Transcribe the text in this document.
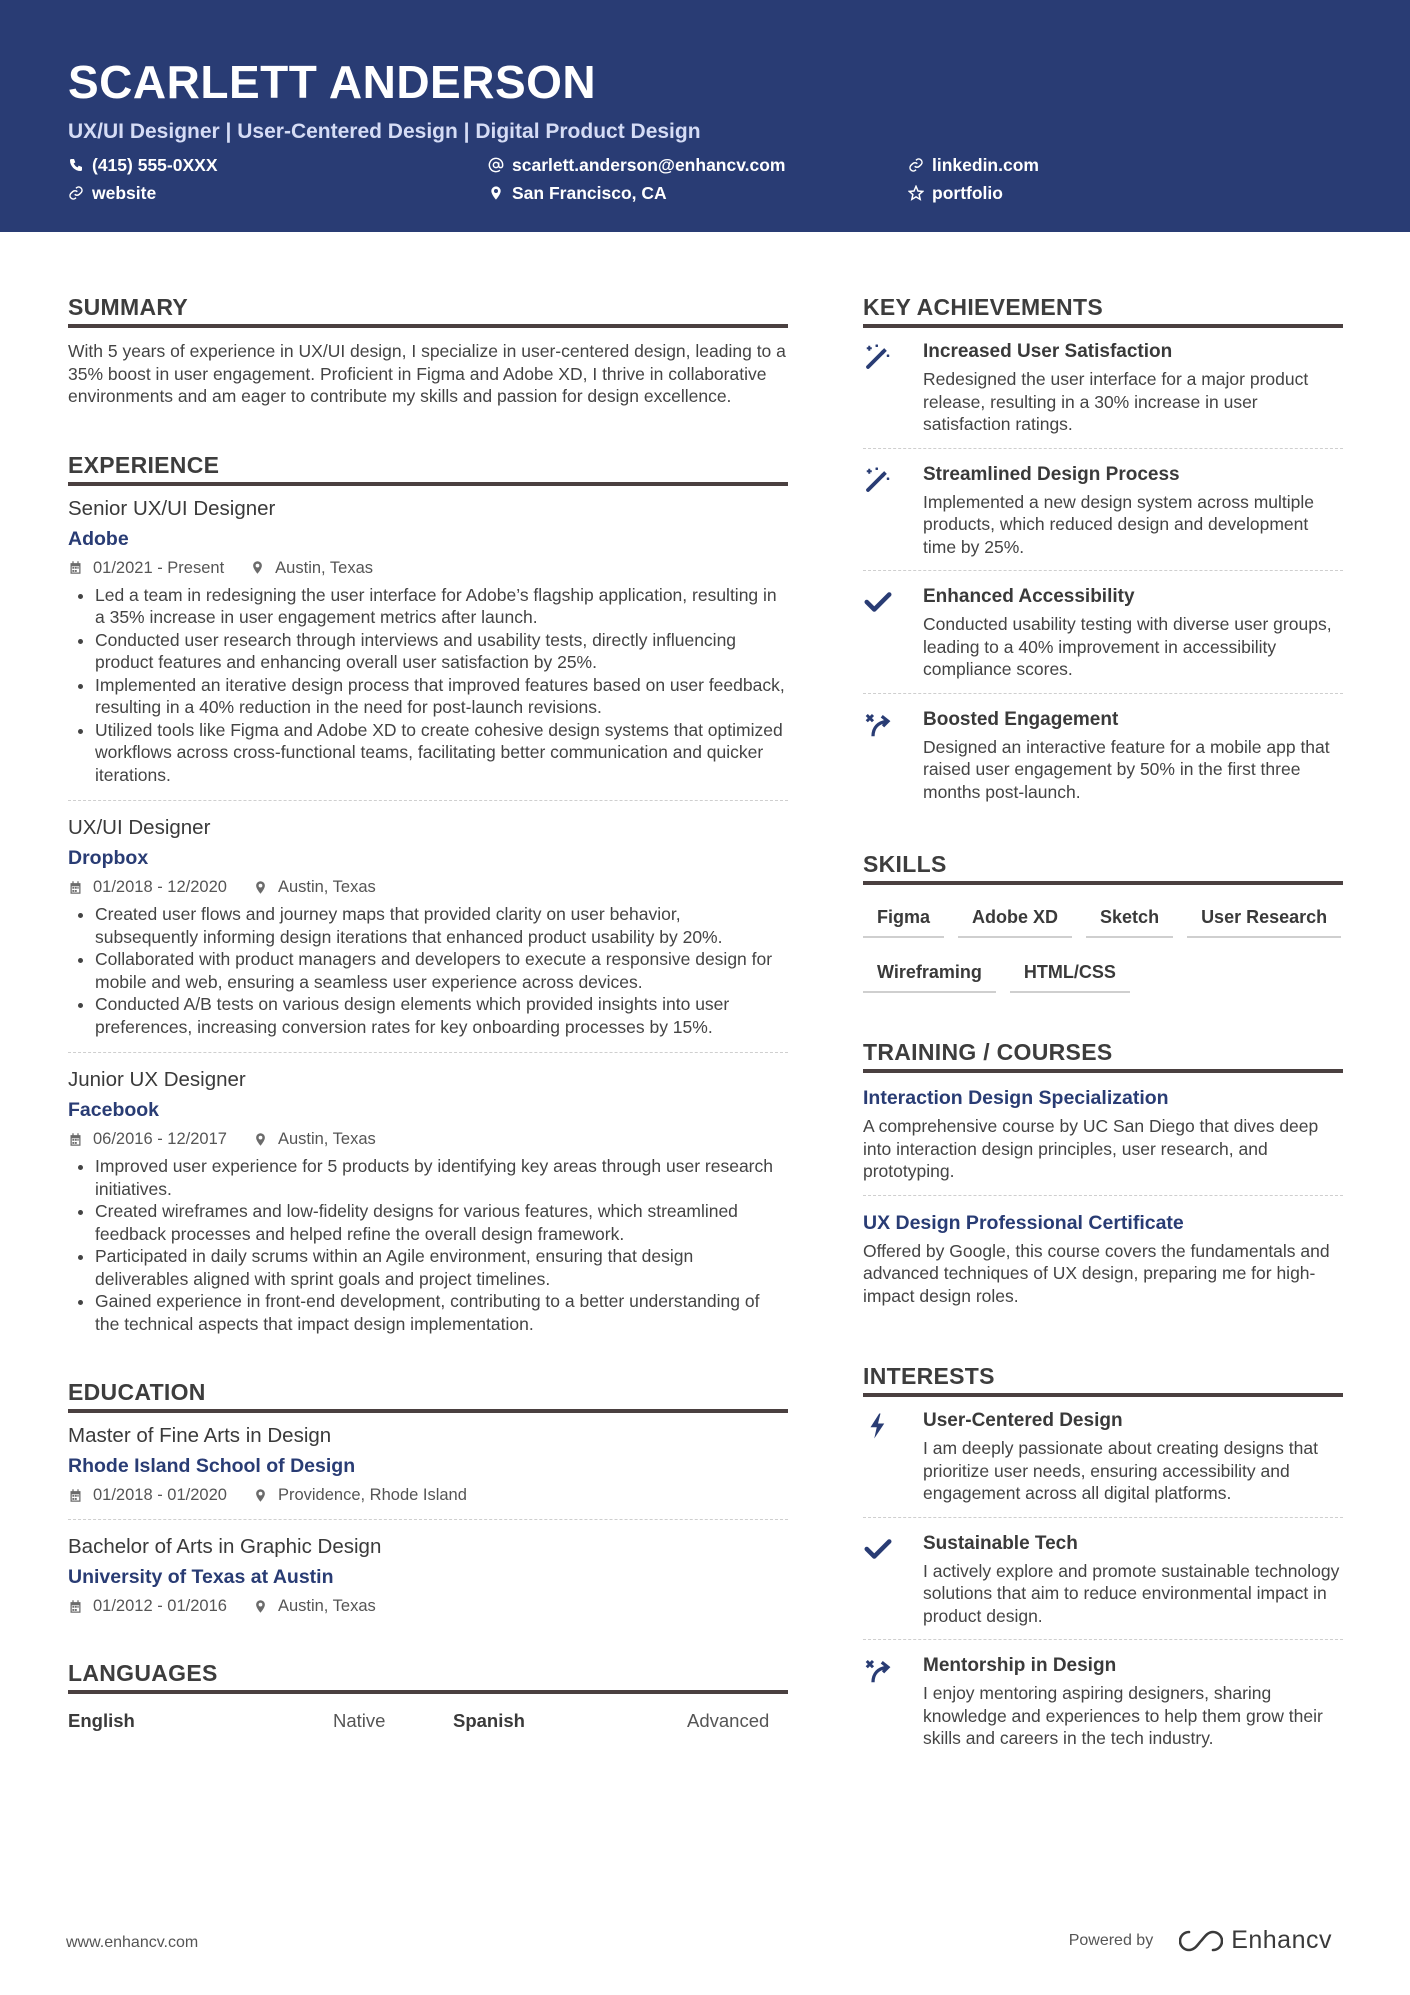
SCARLETT ANDERSON
UX/UI Designer | User-Centered Design | Digital Product Design
(415) 555-0XXX	scarlett.anderson@enhancv.com	linkedin.com
website	San Francisco, CA	portfolio
SUMMARY
With 5 years of experience in UX/UI design, I specialize in user-centered design, leading to a 35% boost in user engagement. Proficient in Figma and Adobe XD, I thrive in collaborative environments and am eager to contribute my skills and passion for design excellence.
EXPERIENCE
Senior UX/UI Designer
Adobe
01/2021 - Present	Austin, Texas
• Led a team in redesigning the user interface for Adobe’s flagship application, resulting in a 35% increase in user engagement metrics after launch.
• Conducted user research through interviews and usability tests, directly influencing product features and enhancing overall user satisfaction by 25%.
• Implemented an iterative design process that improved features based on user feedback, resulting in a 40% reduction in the need for post-launch revisions.
• Utilized tools like Figma and Adobe XD to create cohesive design systems that optimized workflows across cross-functional teams, facilitating better communication and quicker iterations.
UX/UI Designer
Dropbox
01/2018 - 12/2020	Austin, Texas
• Created user flows and journey maps that provided clarity on user behavior, subsequently informing design iterations that enhanced product usability by 20%.
• Collaborated with product managers and developers to execute a responsive design for mobile and web, ensuring a seamless user experience across devices.
• Conducted A/B tests on various design elements which provided insights into user preferences, increasing conversion rates for key onboarding processes by 15%.
Junior UX Designer
Facebook
06/2016 - 12/2017	Austin, Texas
• Improved user experience for 5 products by identifying key areas through user research initiatives.
• Created wireframes and low-fidelity designs for various features, which streamlined feedback processes and helped refine the overall design framework.
• Participated in daily scrums within an Agile environment, ensuring that design deliverables aligned with sprint goals and project timelines.
• Gained experience in front-end development, contributing to a better understanding of the technical aspects that impact design implementation.
EDUCATION
Master of Fine Arts in Design
Rhode Island School of Design
01/2018 - 01/2020	Providence, Rhode Island
Bachelor of Arts in Graphic Design
University of Texas at Austin
01/2012 - 01/2016	Austin, Texas
LANGUAGES
English	Native	Spanish	Advanced
KEY ACHIEVEMENTS
Increased User Satisfaction
Redesigned the user interface for a major product release, resulting in a 30% increase in user satisfaction ratings.
Streamlined Design Process
Implemented a new design system across multiple products, which reduced design and development time by 25%.
Enhanced Accessibility
Conducted usability testing with diverse user groups, leading to a 40% improvement in accessibility compliance scores.
Boosted Engagement
Designed an interactive feature for a mobile app that raised user engagement by 50% in the first three months post-launch.
SKILLS
Figma	Adobe XD	Sketch	User Research
Wireframing	HTML/CSS
TRAINING / COURSES
Interaction Design Specialization
A comprehensive course by UC San Diego that dives deep into interaction design principles, user research, and prototyping.
UX Design Professional Certificate
Offered by Google, this course covers the fundamentals and advanced techniques of UX design, preparing me for high-impact design roles.
INTERESTS
User-Centered Design
I am deeply passionate about creating designs that prioritize user needs, ensuring accessibility and engagement across all digital platforms.
Sustainable Tech
I actively explore and promote sustainable technology solutions that aim to reduce environmental impact in product design.
Mentorship in Design
I enjoy mentoring aspiring designers, sharing knowledge and experiences to help them grow their skills and careers in the tech industry.
www.enhancv.com	Powered by	Enhancv
